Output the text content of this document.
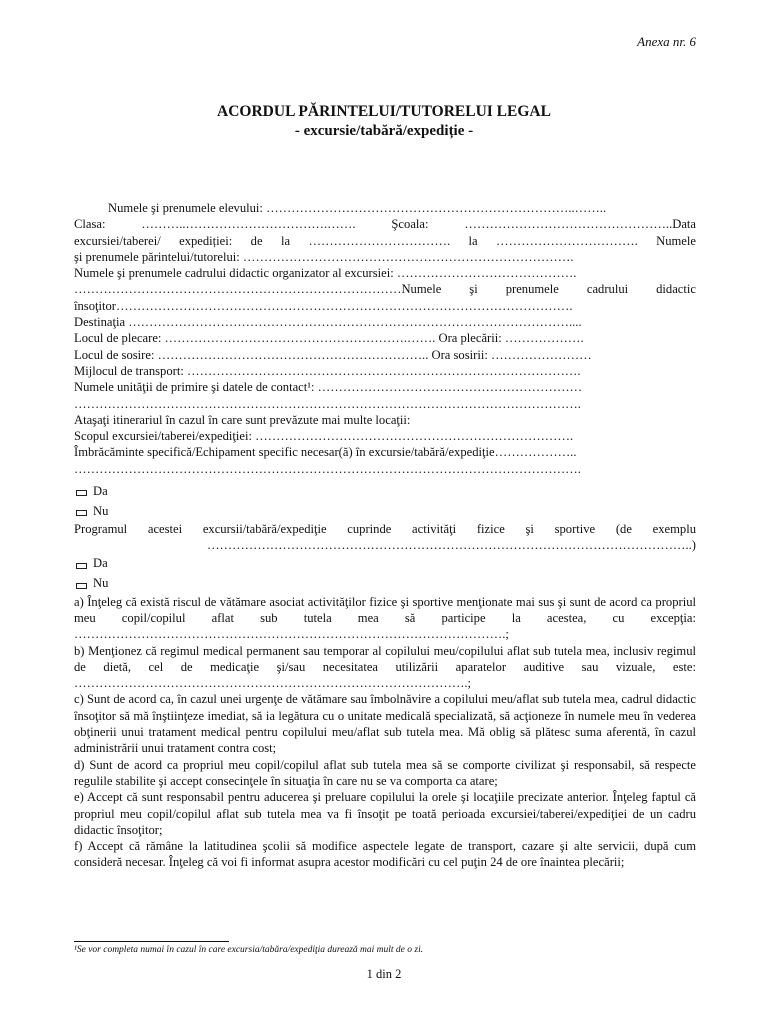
Anexa nr. 6
ACORDUL PĂRINTELUI/TUTORELUI LEGAL
- excursie/tabără/expediție -
Numele şi prenumele elevului: ………………………………………………………………..……..
Clasa: ………..…………………………….……. Şcoala: …………………………………………..Data
excursiei/taberei/ expediției: de la ……………………………. la ……………………………. Numele
şi prenumele părintelui/tutorelui: …………………………………………………………………….
Numele şi prenumele cadrului didactic organizator al excursiei: …………………………………….
……………………………………………………………………Numele şi prenumele cadrului didactic
însoţitor……………………………………………………………………………………………….
Destinaţia ……………………………………………………………………………………………....
Locul de plecare: ………………………………………………….……. Ora plecării: ……………….
Locul de sosire: ……………………………………………………….. Ora sosirii: ……………………
Mijlocul de transport: ………………………………………………………………………………….
Numele unităţii de primire şi datele de contact¹: ………………………………………………………
………………………………………………………………………………………………………….
Ataşaţi itinerariul în cazul în care sunt prevăzute mai multe locaţii:
Scopul excursiei/taberei/expediţiei: ………………………………………………………………….
Îmbrăcăminte specifică/Echipament specific necesar(ă) în excursie/tabără/expediţie………………..
………………………………………………………………………………………………………….
Da
Nu
Programul acestei excursii/tabără/expediţie cuprinde activităţi fizice şi sportive (de exemplu
……………………………………………………………………………………………………..)
Da
Nu
a) Înţeleg că există riscul de vătămare asociat activităţilor fizice şi sportive menţionate mai sus şi sunt de acord ca propriul meu copil/copilul aflat sub tutela mea să participe la acestea, cu excepţia: ………………………………………………………………………………………….;
b) Menţionez că regimul medical permanent sau temporar al copilului meu/copilului aflat sub tutela mea, inclusiv regimul de dietă, cel de medicaţie şi/sau necesitatea utilizării aparatelor auditive sau vizuale, este: ………………………………………………………………………………….;
c) Sunt de acord ca, în cazul unei urgenţe de vătămare sau îmbolnăvire a copilului meu/aflat sub tutela mea, cadrul didactic însoţitor să mă înştiinţeze imediat, să ia legătura cu o unitate medicală specializată, să acţioneze în numele meu în vederea obţinerii unui tratament medical pentru copilului meu/aflat sub tutela mea. Mă oblig să plătesc suma aferentă, în cazul administrării unui tratament contra cost;
d) Sunt de acord ca propriul meu copil/copilul aflat sub tutela mea să se comporte civilizat şi responsabil, să respecte regulile stabilite şi accept consecinţele în situaţia în care nu se va comporta ca atare;
e) Accept că sunt responsabil pentru aducerea şi preluare copilului la orele şi locaţiile precizate anterior. Înţeleg faptul că propriul meu copil/copilul aflat sub tutela mea va fi însoţit pe toată perioada excursiei/taberei/expediţiei de un cadru didactic însoţitor;
f) Accept că rămâne la latitudinea şcolii să modifice aspectele legate de transport, cazare şi alte servicii, după cum consideră necesar. Înţeleg că voi fi informat asupra acestor modificări cu cel puţin 24 de ore înaintea plecării;
¹Se vor completa numai în cazul în care excursia/tabăra/expediţia durează mai mult de o zi.
1 din 2
